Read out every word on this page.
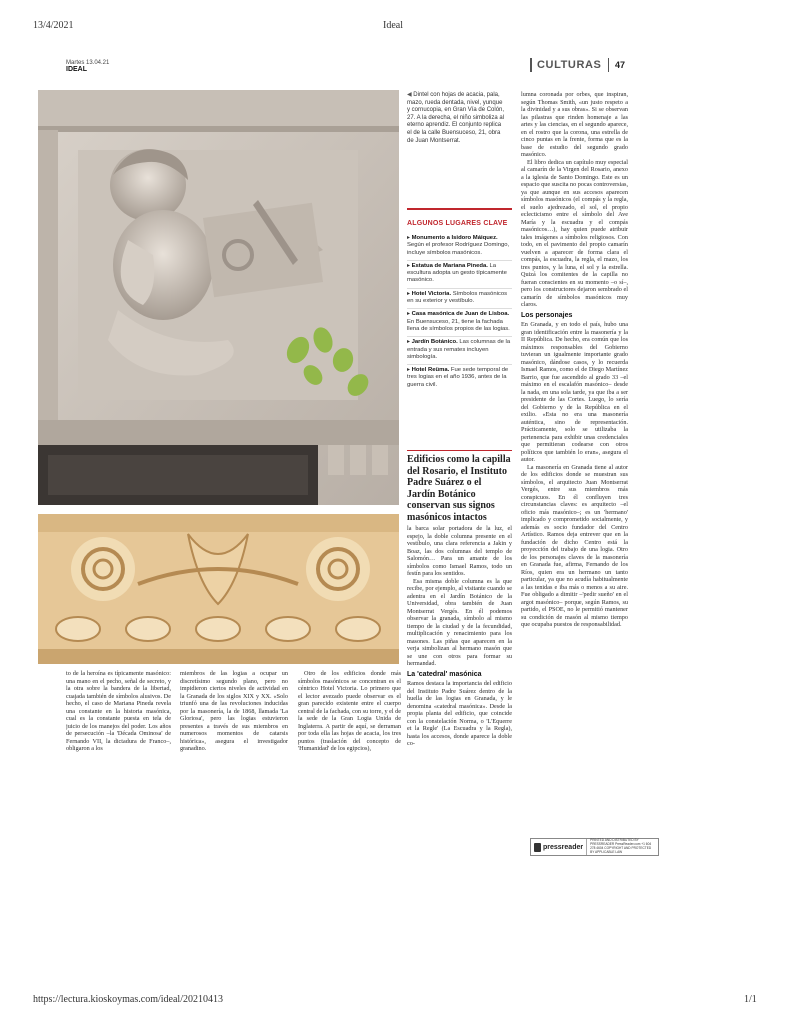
13/4/2021	Ideal
Martes 13.04.21
IDEAL	CULTURAS 47
◀ Dintel con hojas de acacia, pala, mazo, rueda dentada, nivel, yunque y cornucopia, en Gran Vía de Colón, 27. A la derecha, el niño simboliza al eterno aprendiz. El conjunto replica el de la calle Buensuceso, 21, obra de Juan Montserrat.
ALGUNOS LUGARES CLAVE
▸ Monumento a Isidoro Máiquez. Según el profesor Rodríguez Domingo, incluye símbolos masónicos.
▸ Estatua de Mariana Pineda. La escultura adopta un gesto típicamente masónico.
▸ Hotel Victoria. Símbolos masónicos en su exterior y vestíbulo.
▸ Casa masónica de Juan de Lisboa. En Buensuceso, 21, tiene la fachada llena de símbolos propios de las logias.
▸ Jardín Botánico. Las columnas de la entrada y sus remates incluyen simbología.
▸ Hotel Reüma. Fue sede temporal de tres logias en el año 1936, antes de la guerra civil.
Edificios como la capilla del Rosario, el Instituto Padre Suárez o el Jardín Botánico conservan sus signos masónicos intactos

la barca solar portadora de la luz, el espejo, la doble columna presente en el vestíbulo, una clara referencia a Jakin y Boaz, las dos columnas del templo de Salomón… Para un amante de los símbolos como Ismael Ramos, todo un festín para los sentidos.

Esa misma doble columna es la que recibe, por ejemplo, al visitante cuando se adentra en el Jardín Botánico de la Universidad, obra también de Juan Montserrat Vergés. En él podemos observar la granada, símbolo al mismo tiempo de la ciudad y de la fecundidad, multiplicación y renacimiento para los masones. Las piñas que aparecen en la verja simbolizan al hermano masón que se une con otros para formar su hermandad.

La 'catedral' masónica

Ramos destaca la importancia del edificio del Instituto Padre Suárez dentro de la huella de las logias en Granada, y le denomina «catedral masónica». Desde la propia planta del edificio, que coincide con la constelación Norma, o 'L'Equerre et la Regle' (La Escuadra y la Regla), hasta los accesos, donde aparece la doble co-

lumna coronada por orbes, que inspiran, según Thomas Smith, «un justo respeto a la divinidad y a sus obras». Si se observan las pilastras que rinden homenaje a las artes y las ciencias, en el segundo aparece, en el rostro que la corona, una estrella de cinco puntas en la frente, forma que es la base de estudio del segundo grado masónico.

El libro dedica un capítulo muy especial al camarín de la Virgen del Rosario, anexo a la iglesia de Santo Domingo. Este es un espacio que suscita no pocas controversias, ya que aunque en sus accesos aparecen símbolos masónicos (el compás y la regla, el suelo ajedrezado, el sol, el propio eclecticismo entre el símbolo del Ave María y la escuadra y el compás masónicos…), hay quien puede atribuir tales imágenes a símbolos religiosos. Con todo, en el pavimento del propio camarín vuelven a aparecer de forma clara el compás, la escuadra, la regla, el mazo, los tres puntos, y la luna, el sol y la estrella. Quizá los comitentes de la capilla no fueran conscientes en su momento –o sí–, pero los constructores dejaron sembrado el camarín de símbolos masónicos muy claros.

Los personajes

En Granada, y en todo el país, hubo una gran identificación entre la masonería y la II República. De hecho, era común que los máximos responsables del Gobierno tuvieran un igualmente importante grado masónico, dándose casos, y lo recuerda Ismael Ramos, como el de Diego Martínez Barrio, que fue ascendido al grado 33 –el máximo en el escalafón masónico– desde la nada, en una sola tarde, ya que iba a ser presidente de las Cortes. Luego, lo sería del Gobierno y de la República en el exilio. «Esta no era una masonería auténtica, sino de representación. Prácticamente, solo se utilizaba la pertenencia para exhibir unas credenciales que permitieran codearse con otros políticos que también lo eran», asegura el autor.

La masonería en Granada tiene al autor de los edificios donde se muestran sus símbolos, el arquitecto Juan Montserrat Vergés, entre sus miembros más conspicuos. En él confluyen tres circunstancias claves: es arquitecto –el oficio más masónico–; es un 'hermano' implicado y comprometido socialmente, y además es socio fundador del Centro Artístico. Ramos deja entrever que en la fundación de dicho Centro está la proyección del trabajo de una logia. Otro de los personajes claves de la masonería en Granada fue, afirma, Fernando de los Ríos, quien era un hermano un tanto particular, ya que no acudía habitualmente a las tenidas e iba más o menos a su aire. Fue obligado a dimitir –'pedir sueño' en el argot masónico– porque, según Ramos, su partido, el PSOE, no le permitió mantener su condición de masón al mismo tiempo que ocupaba puestos de responsabilidad.

to de la heroína es típicamente masónico: una mano en el pecho, señal de secreto, y la otra sobre la bandera de la libertad, cuajada también de símbolos alusivos. De hecho, el caso de Mariana Pineda revela una constante en la historia masónica, cual es la constante puesta en tela de juicio de los manejos del poder. Los años de persecución –la 'Década Ominosa' de Fernando VII, la dictadura de Franco–, obligaron a los

miembros de las logias a ocupar un discretísimo segundo plano, pero no impidieron ciertos niveles de actividad en la Granada de los siglos XIX y XX. «Solo triunfó una de las revoluciones inducidas por la masonería, la de 1868, llamada 'La Gloriosa', pero las logias estuvieron presentes a través de sus miembros en numerosos momentos de catarsis histórica», asegura el investigador granadino.

Otro de los edificios donde más símbolos masónicos se concentran es el céntrico Hotel Victoria. Lo primero que el lector avezado puede observar es el gran parecido existente entre el cuerpo central de la fachada, con su torre, y el de la sede de la Gran Logia Unida de Inglaterra. A partir de aquí, se derraman por toda ella las hojas de acacia, los tres puntos (traslación del concepto de 'Humanidad' de los egipcios),

pressreader
PRINTED AND DISTRIBUTED BY PRESSREADER PressReader.com +1 604 278 4604 COPYRIGHT AND PROTECTED BY APPLICABLE LAW
https://lectura.kioskoymas.com/ideal/20210413	1/1
